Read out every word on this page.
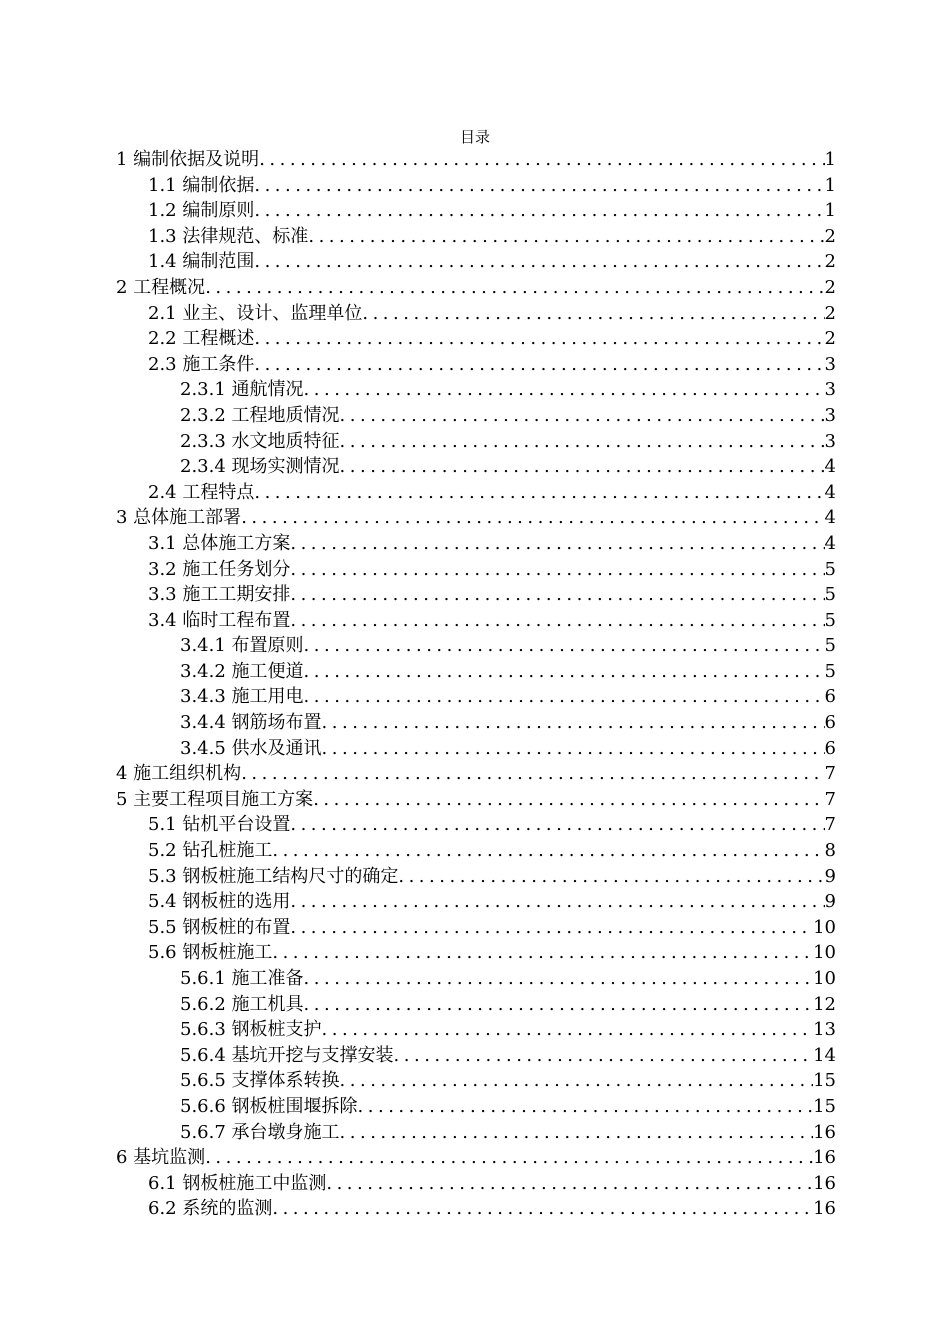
目录
1 编制依据及说明 .....	1
1.1 编制依据 .....	1
1.2 编制原则 .....	1
1.3 法律规范、标准 .....	2
1.4 编制范围 .....	2
2 工程概况 .....	2
2.1 业主、设计、监理单位 .....	2
2.2 工程概述 .....	2
2.3 施工条件 .....	3
2.3.1 通航情况 .....	3
2.3.2 工程地质情况 .....	3
2.3.3 水文地质特征 .....	3
2.3.4 现场实测情况 .....	4
2.4 工程特点 .....	4
3 总体施工部署 .....	4
3.1 总体施工方案 .....	4
3.2 施工任务划分 .....	5
3.3 施工工期安排 .....	5
3.4 临时工程布置 .....	5
3.4.1 布置原则 .....	5
3.4.2 施工便道 .....	5
3.4.3 施工用电 .....	6
3.4.4 钢筋场布置 .....	6
3.4.5 供水及通讯 .....	6
4 施工组织机构 .....	7
5 主要工程项目施工方案 .....	7
5.1 钻机平台设置 .....	7
5.2 钻孔桩施工 .....	8
5.3 钢板桩施工结构尺寸的确定 .....	9
5.4 钢板桩的选用 .....	9
5.5 钢板桩的布置 .....	10
5.6 钢板桩施工 .....	10
5.6.1 施工准备 .....	10
5.6.2 施工机具 .....	12
5.6.3 钢板桩支护 .....	13
5.6.4 基坑开挖与支撑安装 .....	14
5.6.5 支撑体系转换 .....	15
5.6.6 钢板桩围堰拆除 .....	15
5.6.7 承台墩身施工 .....	16
6 基坑监测 .....	16
6.1 钢板桩施工中监测 .....	16
6.2 系统的监测 .....	16
